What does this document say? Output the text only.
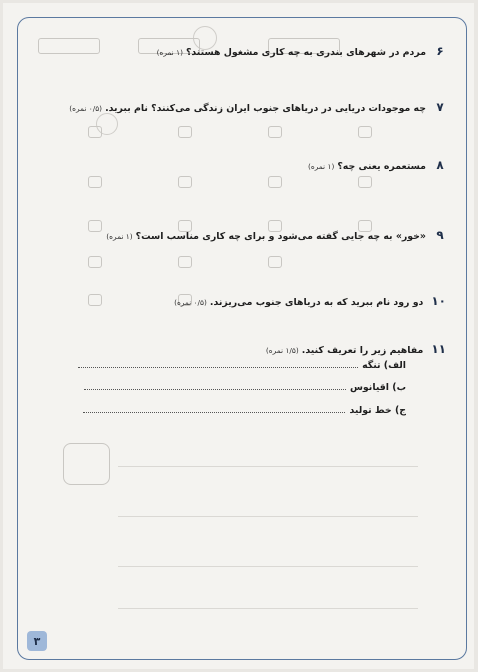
۶
مردم در شهرهای بندری به چه کاری مشغول هستند؟(۱ نمره)
۷
چه موجودات دریایی در دریاهای جنوب ایران زندگی می‌کنند؟ نام ببرید.(۰/۵ نمره)
۸
مستعمره یعنی چه؟(۱ نمره)
۹
«خور» به چه جایی گفته می‌شود و برای چه کاری مناسب است؟(۱ نمره)
۱۰
دو رود نام ببرید که به دریاهای جنوب می‌ریزند.(۰/۵ نمره)
۱۱
مفاهیم زیر را تعریف کنید.(۱/۵ نمره)
الف) تنگه
ب) اقیانوس
ج) خط تولید
۳
